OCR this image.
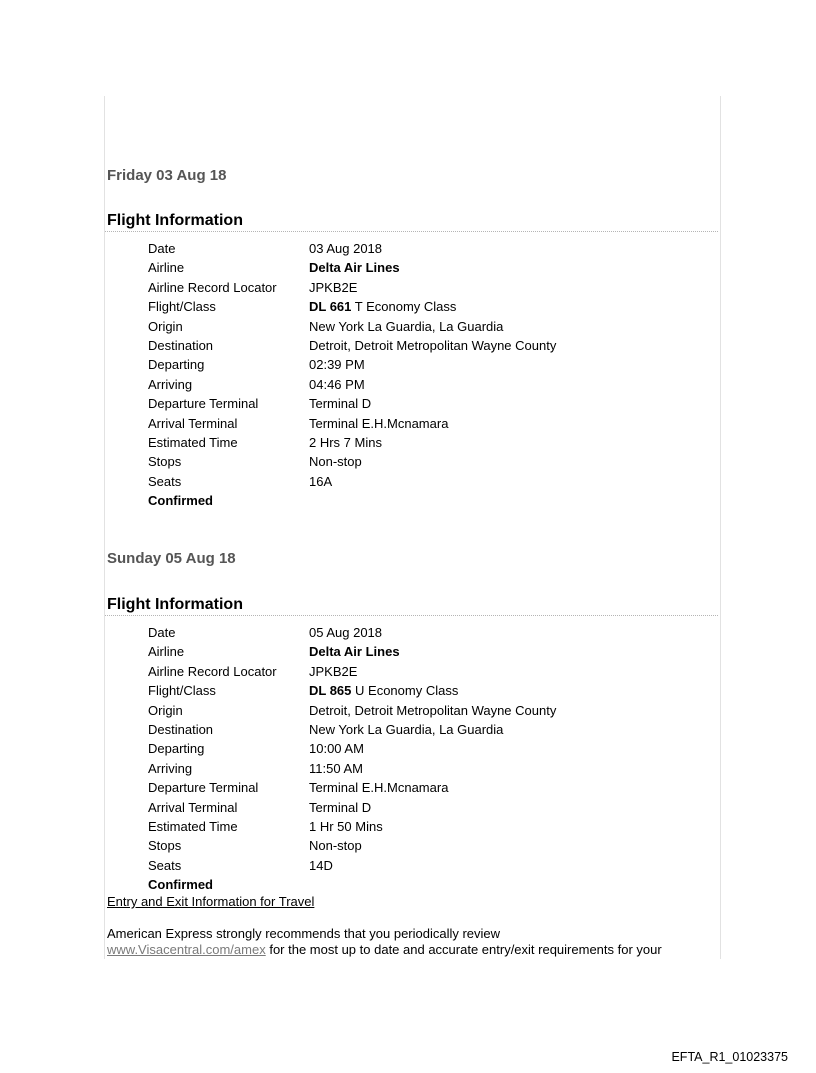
Friday 03 Aug 18
Flight Information
Date	03 Aug 2018
Airline	Delta Air Lines
Airline Record Locator	JPKB2E
Flight/Class	DL 661 T Economy Class
Origin	New York La Guardia, La Guardia
Destination	Detroit, Detroit Metropolitan Wayne County
Departing	02:39 PM
Arriving	04:46 PM
Departure Terminal	Terminal D
Arrival Terminal	Terminal E.H.Mcnamara
Estimated Time	2 Hrs 7 Mins
Stops	Non-stop
Seats	16A
Confirmed
Sunday 05 Aug 18
Flight Information
Date	05 Aug 2018
Airline	Delta Air Lines
Airline Record Locator	JPKB2E
Flight/Class	DL 865 U Economy Class
Origin	Detroit, Detroit Metropolitan Wayne County
Destination	New York La Guardia, La Guardia
Departing	10:00 AM
Arriving	11:50 AM
Departure Terminal	Terminal E.H.Mcnamara
Arrival Terminal	Terminal D
Estimated Time	1 Hr 50 Mins
Stops	Non-stop
Seats	14D
Confirmed
Entry and Exit Information for Travel
American Express strongly recommends that you periodically review
www.Visacentral.com/amex for the most up to date and accurate entry/exit requirements for your
EFTA_R1_01023375
